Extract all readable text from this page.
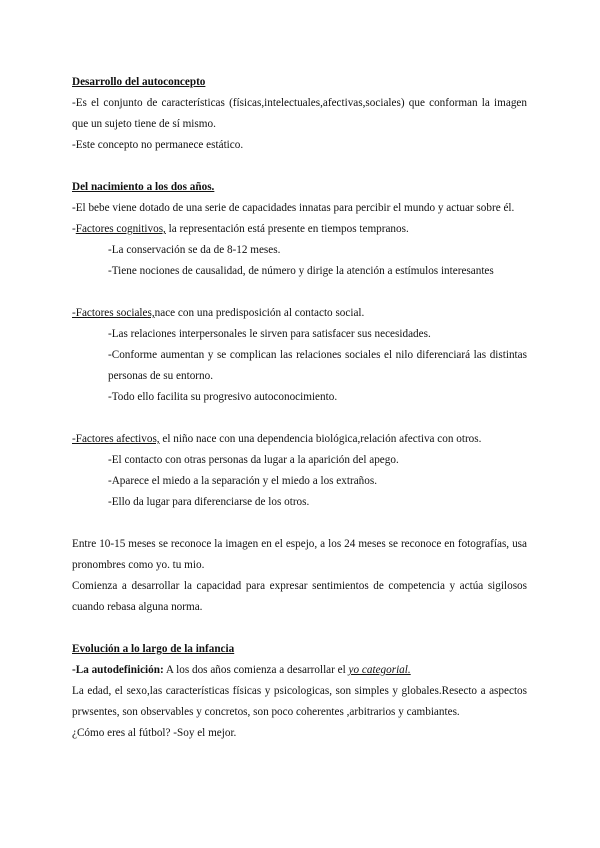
Desarrollo del autoconcepto

-Es el conjunto de características (físicas,intelectuales,afectivas,sociales) que conforman la imagen que un sujeto tiene de sí mismo.

-Este concepto no permanece estático.

Del nacimiento a los dos años.

-El bebe viene dotado de una serie de capacidades innatas para percibir el mundo y actuar sobre él.

-Factores cognitivos, la representación está presente en tiempos tempranos.

-La conservación se da de 8-12 meses.

-Tiene nociones de causalidad, de número y dirige la atención a estímulos interesantes

-Factores sociales,nace con una predisposición al contacto social.

-Las relaciones interpersonales le sirven para satisfacer sus necesidades.

-Conforme aumentan y se complican las relaciones sociales el nilo diferenciará las distintas personas de su entorno.

-Todo ello facilita su progresivo autoconocimiento.

-Factores afectivos, el niño nace con una dependencia biológica,relación afectiva con otros.

-El contacto con otras personas da lugar a la aparición del apego.

-Aparece el miedo a la separación y el miedo a los extraños.

-Ello da lugar para diferenciarse de los otros.

Entre 10-15 meses se reconoce la imagen en el espejo, a los 24 meses se reconoce en fotografías, usa pronombres como yo. tu mio.

Comienza a desarrollar la capacidad para expresar sentimientos de competencia y actúa sigilosos cuando rebasa alguna norma.

Evolución a lo largo de la infancia

-La autodefinición: A los dos años comienza a desarrollar el yo categorial.

La edad, el sexo,las características físicas y psicologicas, son simples y globales.Resecto a aspectos prwsentes, son observables y concretos, son poco coherentes ,arbitrarios y cambiantes.

¿Cómo eres al fútbol? -Soy el mejor.
